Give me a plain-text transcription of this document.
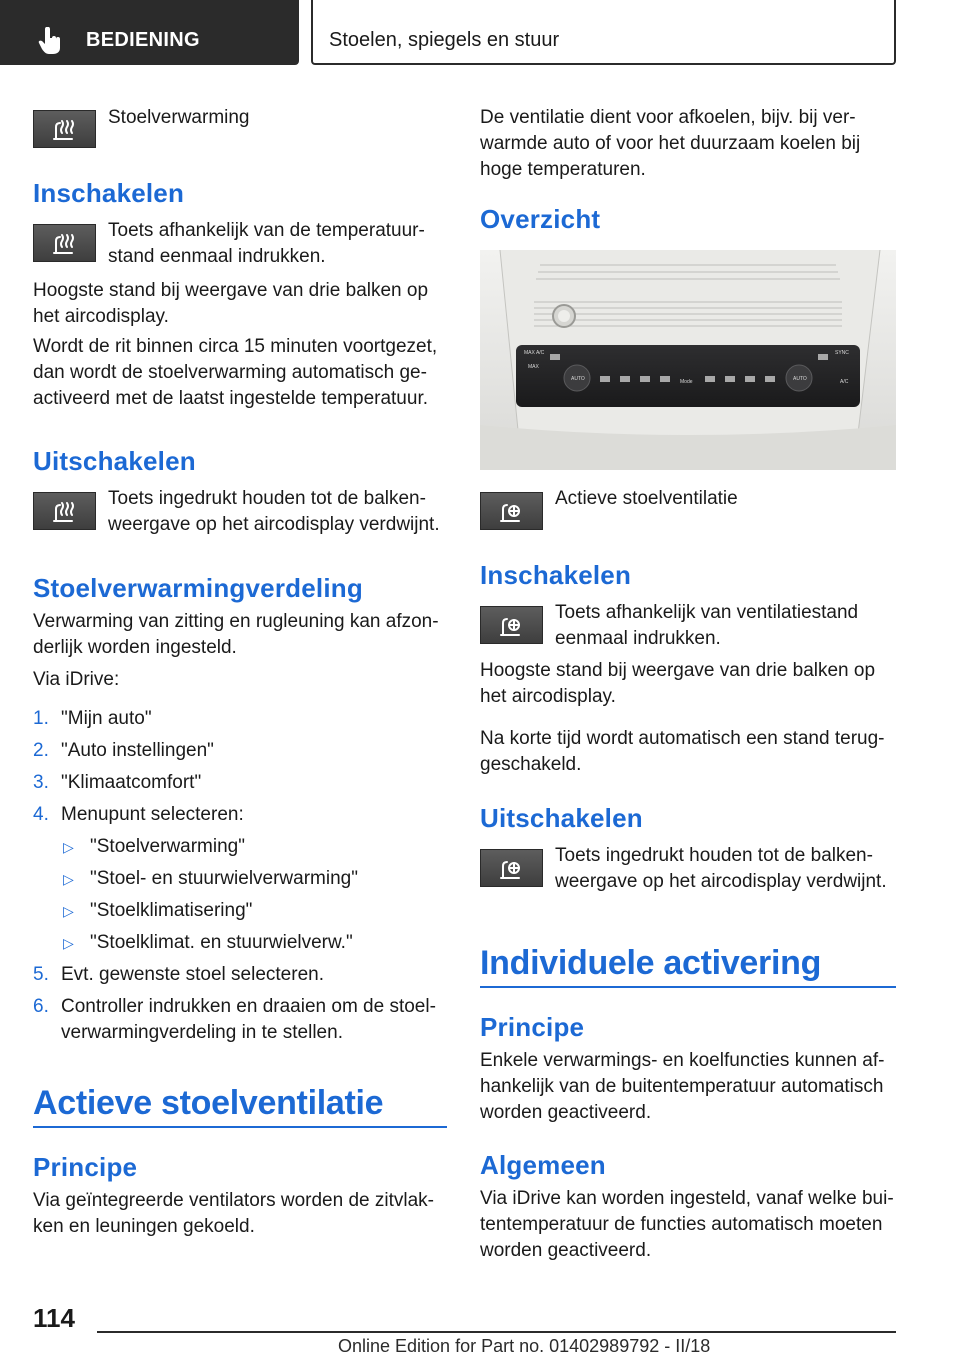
BEDIENING	Stoelen, spiegels en stuur
Stoelverwarming
Inschakelen
Toets afhankelijk van de temperatuur-
stand eenmaal indrukken.
Hoogste stand bij weergave van drie balken op
het aircodisplay.
Wordt de rit binnen circa 15 minuten voortgezet,
dan wordt de stoelverwarming automatisch ge-
activeerd met de laatst ingestelde temperatuur.
Uitschakelen
Toets ingedrukt houden tot de balken-
weergave op het aircodisplay verdwijnt.
Stoelverwarmingverdeling
Verwarming van zitting en rugleuning kan afzon-
derlijk worden ingesteld.
Via iDrive:
1. "Mijn auto"
2. "Auto instellingen"
3. "Klimaatcomfort"
4. Menupunt selecteren:
▷ "Stoelverwarming"
▷ "Stoel- en stuurwielverwarming"
▷ "Stoelklimatisering"
▷ "Stoelklimat. en stuurwielverw."
5. Evt. gewenste stoel selecteren.
6. Controller indrukken en draaien om de stoel-
verwarmingverdeling in te stellen.
Actieve stoelventilatie
Principe
Via geïntegreerde ventilators worden de zitvlak-
ken en leuningen gekoeld.
De ventilatie dient voor afkoelen, bijv. bij ver-
warmde auto of voor het duurzaam koelen bij
hoge temperaturen.
Overzicht
MAX A/C	SYNC
AUTO	AUTO
MAX
Mode	A/C
Actieve stoelventilatie
Inschakelen
Toets afhankelijk van ventilatiestand
eenmaal indrukken.
Hoogste stand bij weergave van drie balken op
het aircodisplay.
Na korte tijd wordt automatisch een stand terug-
geschakeld.
Uitschakelen
Toets ingedrukt houden tot de balken-
weergave op het aircodisplay verdwijnt.
Individuele activering
Principe
Enkele verwarmings- en koelfuncties kunnen af-
hankelijk van de buitentemperatuur automatisch
worden geactiveerd.
Algemeen
Via iDrive kan worden ingesteld, vanaf welke bui-
tentemperatuur de functies automatisch moeten
worden geactiveerd.
114
Online Edition for Part no. 01402989792 - II/18
